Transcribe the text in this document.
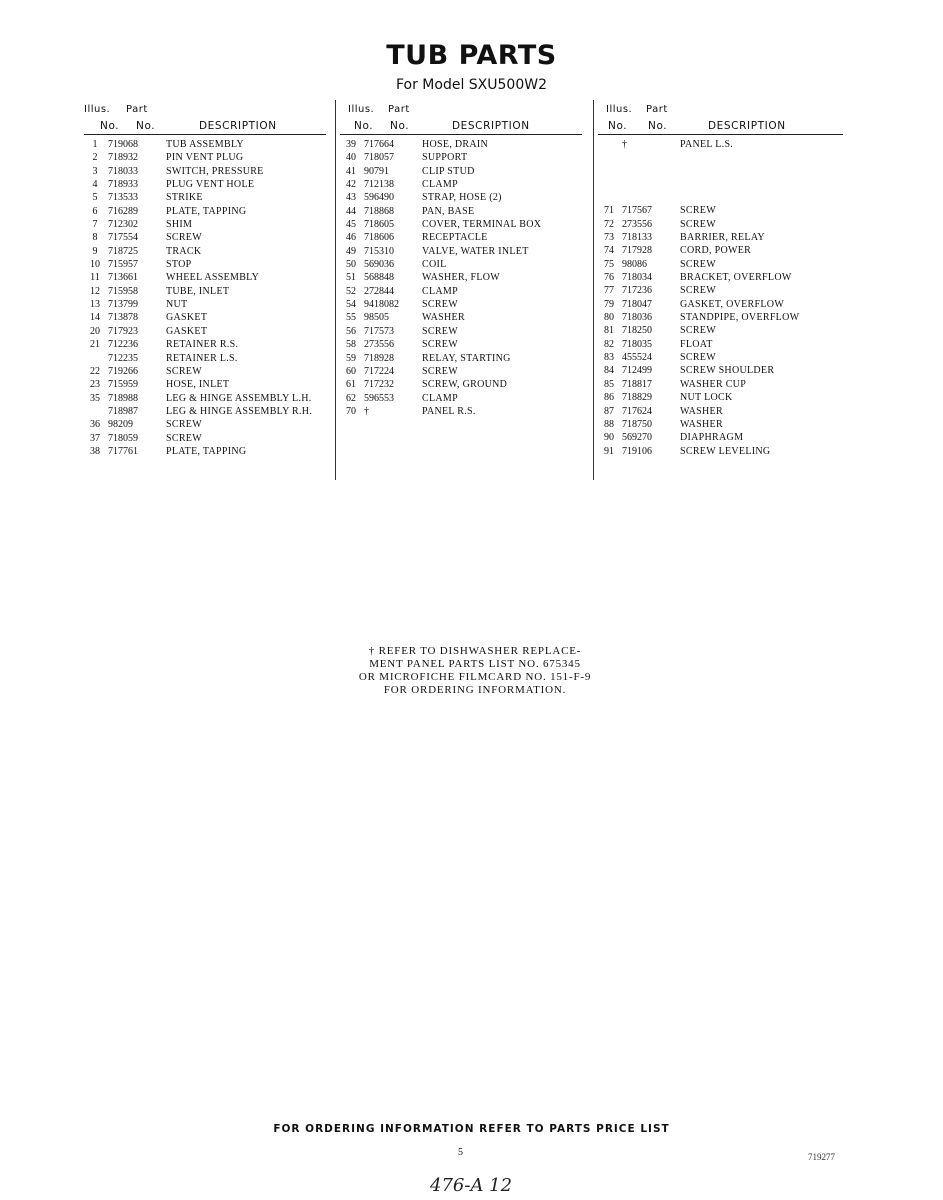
TUB PARTS
For Model SXU500W2
Illus. Part
No. No.	DESCRIPTION
1	719068	TUB ASSEMBLY
2	718932	PIN VENT PLUG
3	718033	SWITCH, PRESSURE
4	718933	PLUG VENT HOLE
5	713533	STRIKE
6	716289	PLATE, TAPPING
7	712302	SHIM
8	717554	SCREW
9	718725	TRACK
10 715957	STOP
11 713661	WHEEL ASSEMBLY
12 715958	TUBE, INLET
13 713799	NUT
14 713878	GASKET
20 717923	GASKET
21 712236	RETAINER R.S.
712235	RETAINER L.S.
22 719266	SCREW
23 715959	HOSE, INLET
35 718988	LEG & HINGE ASSEMBLY L.H.
718987	LEG & HINGE ASSEMBLY R.H.
36 98209	SCREW
37 718059	SCREW
38 717761	PLATE, TAPPING
Illus. Part
No. No.	DESCRIPTION
39 717664	HOSE, DRAIN
40 718057	SUPPORT
41 90791	CLIP STUD
42 712138	CLAMP
43 596490	STRAP, HOSE (2)
44 718868	PAN, BASE
45 718605	COVER, TERMINAL BOX
46 718606	RECEPTACLE
49 715310	VALVE, WATER INLET
50 569036	COIL
51 568848	WASHER, FLOW
52 272844	CLAMP
54 9418082 SCREW
55 98505	WASHER
56 717573	SCREW
58 273556	SCREW
59 718928	RELAY, STARTING
60 717224	SCREW
61 717232	SCREW, GROUND
62 596553	CLAMP
70 †	PANEL R.S.
Illus. Part
No. No.	DESCRIPTION
†	PANEL L.S.
71 717567	SCREW
72 273556	SCREW
73 718133	BARRIER, RELAY
74 717928	CORD, POWER
75 98086	SCREW
76 718034	BRACKET, OVERFLOW
77 717236	SCREW
79 718047	GASKET, OVERFLOW
80 718036	STANDPIPE, OVERFLOW
81 718250	SCREW
82 718035	FLOAT
83 455524	SCREW
84 712499	SCREW SHOULDER
85 718817	WASHER CUP
86 718829	NUT LOCK
87 717624	WASHER
88 718750	WASHER
90 569270	DIAPHRAGM
91 719106	SCREW LEVELING
† REFER TO DISHWASHER REPLACE-
MENT PANEL PARTS LIST NO. 675345
OR MICROFICHE FILMCARD NO. 151-F-9
FOR ORDERING INFORMATION.
FOR ORDERING INFORMATION REFER TO PARTS PRICE LIST
5	719277
476-A 12
